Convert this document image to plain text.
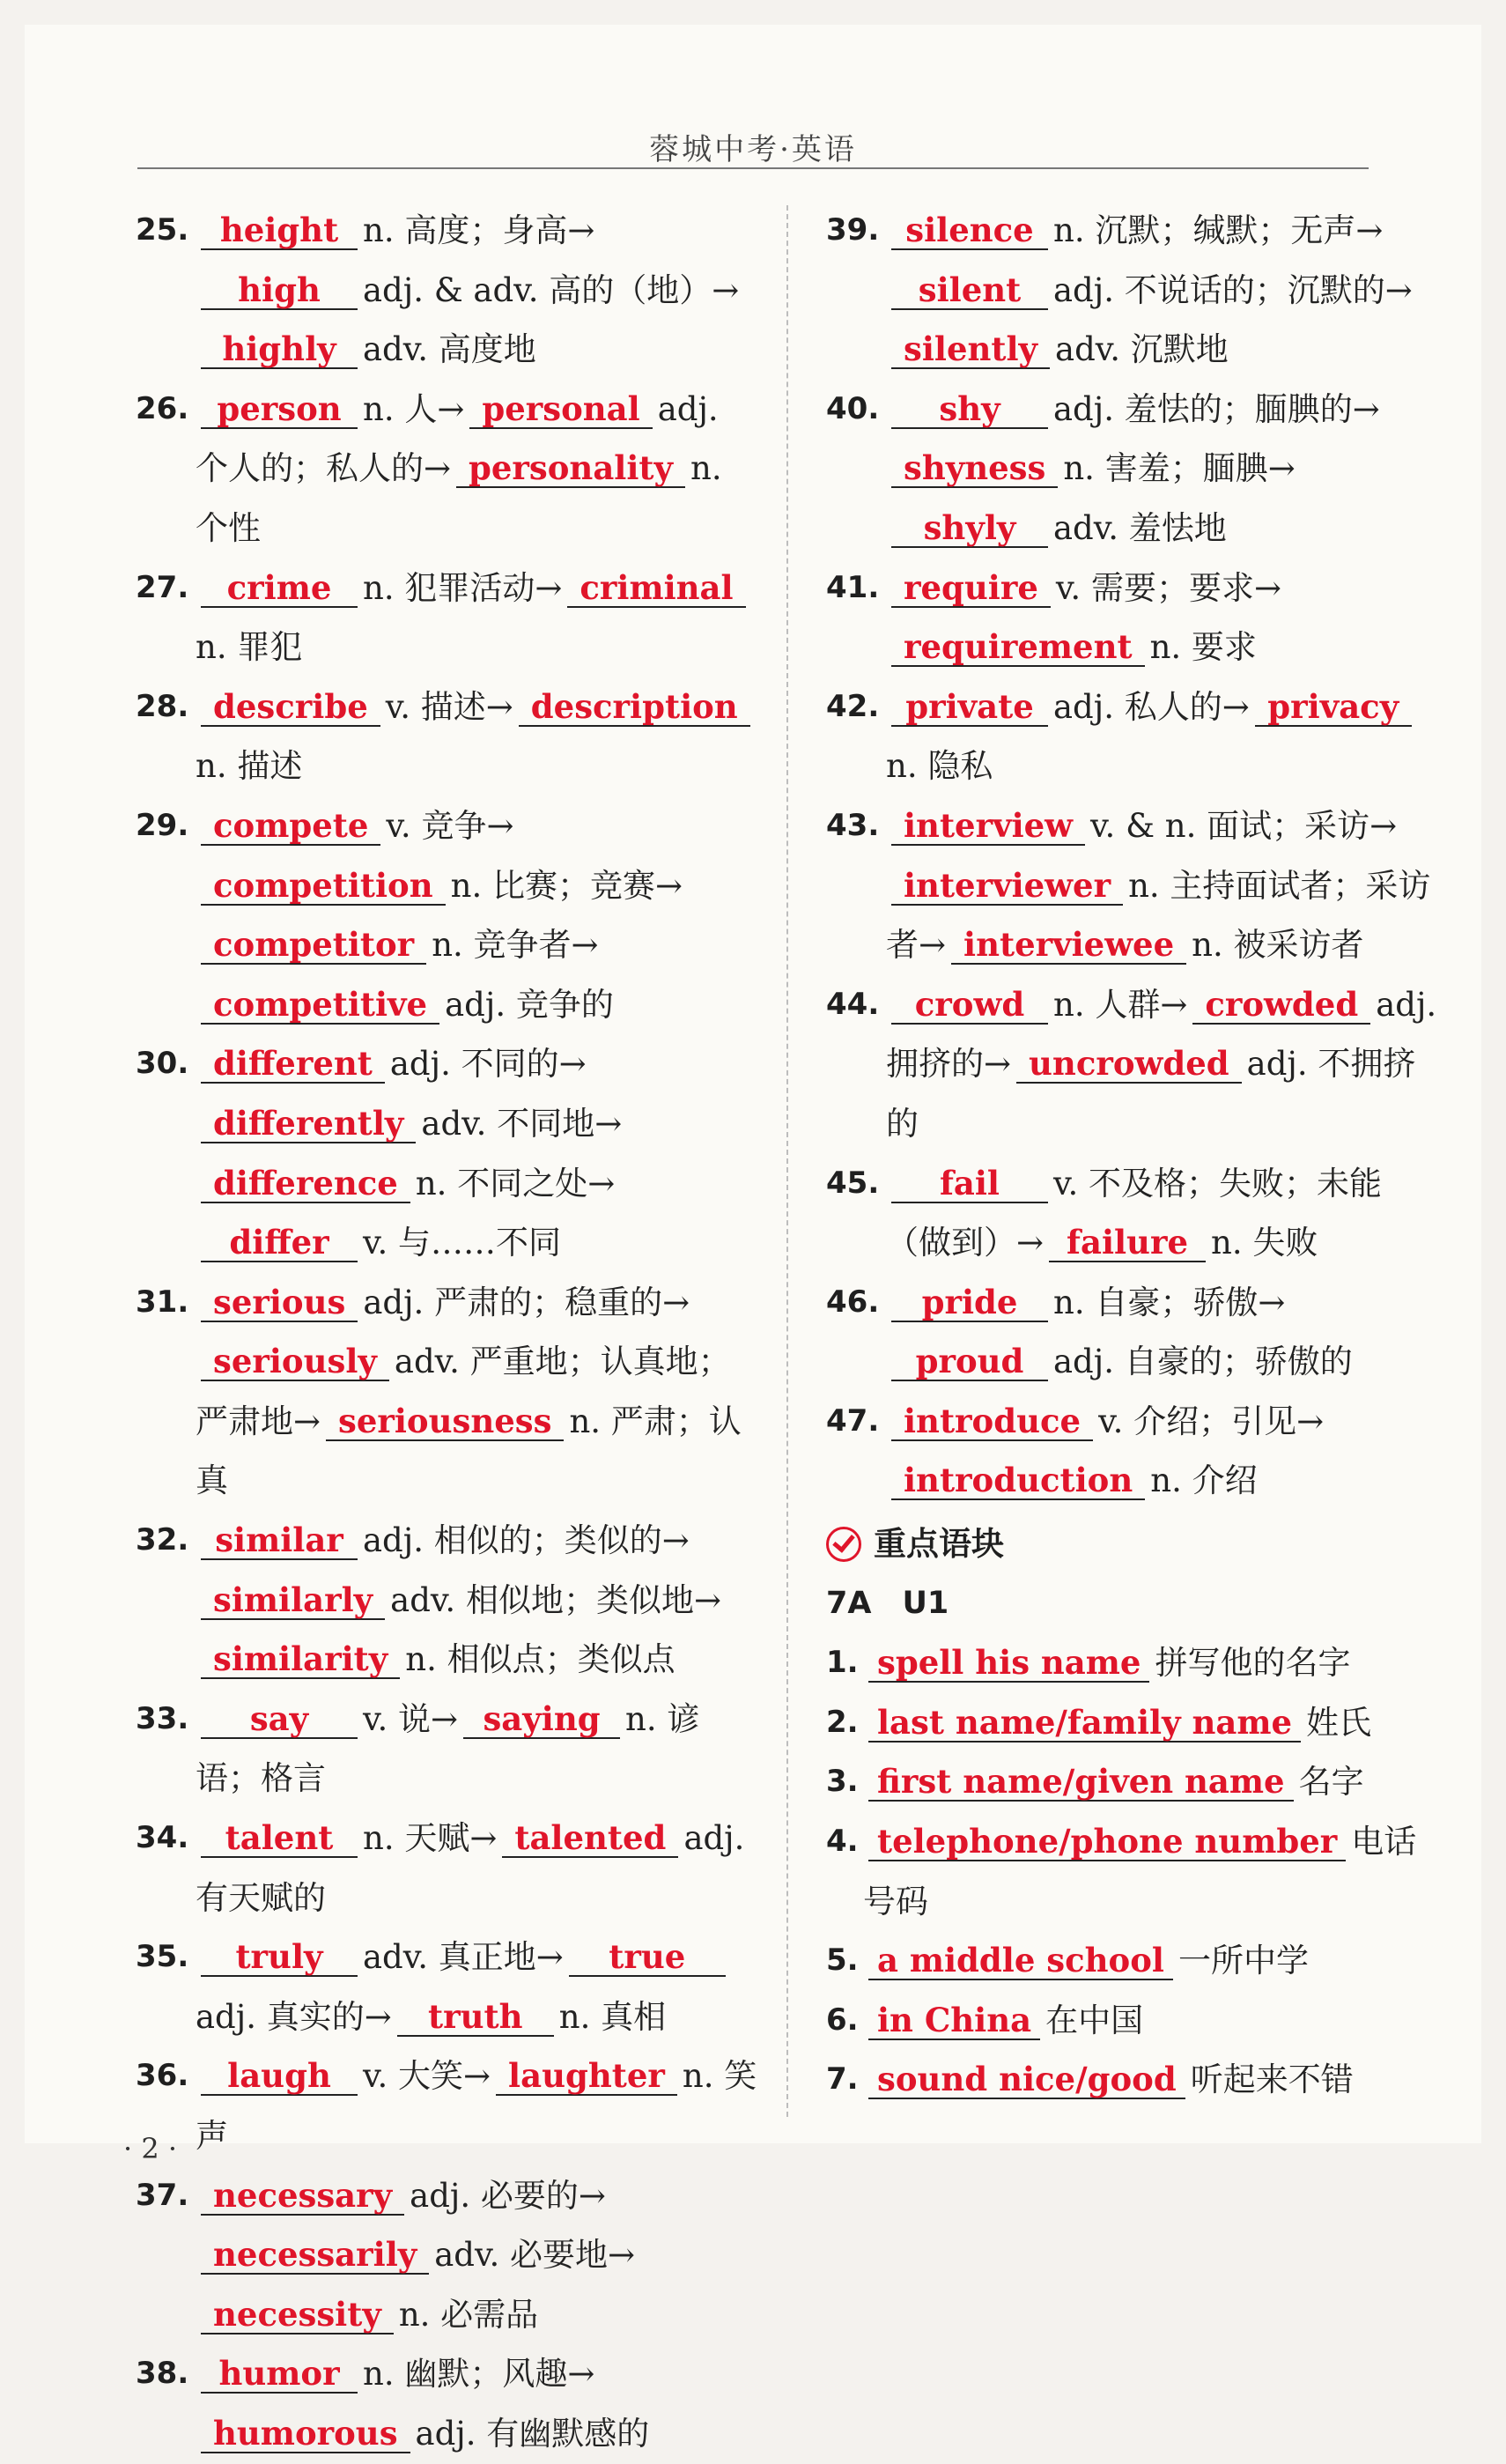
蓉城中考·英语
25. height n. 高度；身高→high adj. & adv. 高的（地）→highly adv. 高度地
26. person n. 人→ personal adj. 个人的；私人的→ personality n. 个性
27. crime n. 犯罪活动→ criminaln. 罪犯
28. describe v. 描述→ descriptionn. 描述
29. compete v. 竞争→competition n. 比赛；竞赛→competitor n. 竞争者→competitive adj. 竞争的
30. different adj. 不同的→differently adv. 不同地→difference n. 不同之处→differ v. 与……不同
31. serious adj. 严肃的；稳重的→seriously adv. 严重地；认真地；严肃地→ seriousness n. 严肃；认真
32. similar adj. 相似的；类似的→similarly adv. 相似地；类似地→similarity n. 相似点；类似点
33. say v. 说→ saying n. 谚语；格言
34. talent n. 天赋→ talented adj. 有天赋的
35. truly adv. 真正地→ trueadj. 真实的→ truth n. 真相
36. laugh v. 大笑→ laughter n. 笑声
37. necessary adj. 必要的→necessarily adv. 必要地→necessity n. 必需品
38. humor n. 幽默；风趣→humorous adj. 有幽默感的
39. silence n. 沉默；缄默；无声→silent adj. 不说话的；沉默的→silently adv. 沉默地
40. shy adj. 羞怯的；腼腆的→shyness n. 害羞；腼腆→shyly adv. 羞怯地
41. require v. 需要；要求→requirement n. 要求
42. private adj. 私人的→ privacyn. 隐私
43. interview v. & n. 面试；采访→interviewer n. 主持面试者；采访者→ interviewee n. 被采访者
44. crowd n. 人群→ crowded adj. 拥挤的→ uncrowded adj. 不拥挤的
45. fail v. 不及格；失败；未能（做到）→ failure n. 失败
46. pride n. 自豪；骄傲→proud adj. 自豪的；骄傲的
47. introduce v. 介绍；引见→introduction n. 介绍
重点语块
7A　U1
1. spell his name 拼写他的名字
2. last name/family name 姓氏
3. first name/given name 名字
4. telephone/phone number 电话号码
5. a middle school 一所中学
6. in China 在中国
7. sound nice/good 听起来不错
· 2 ·
